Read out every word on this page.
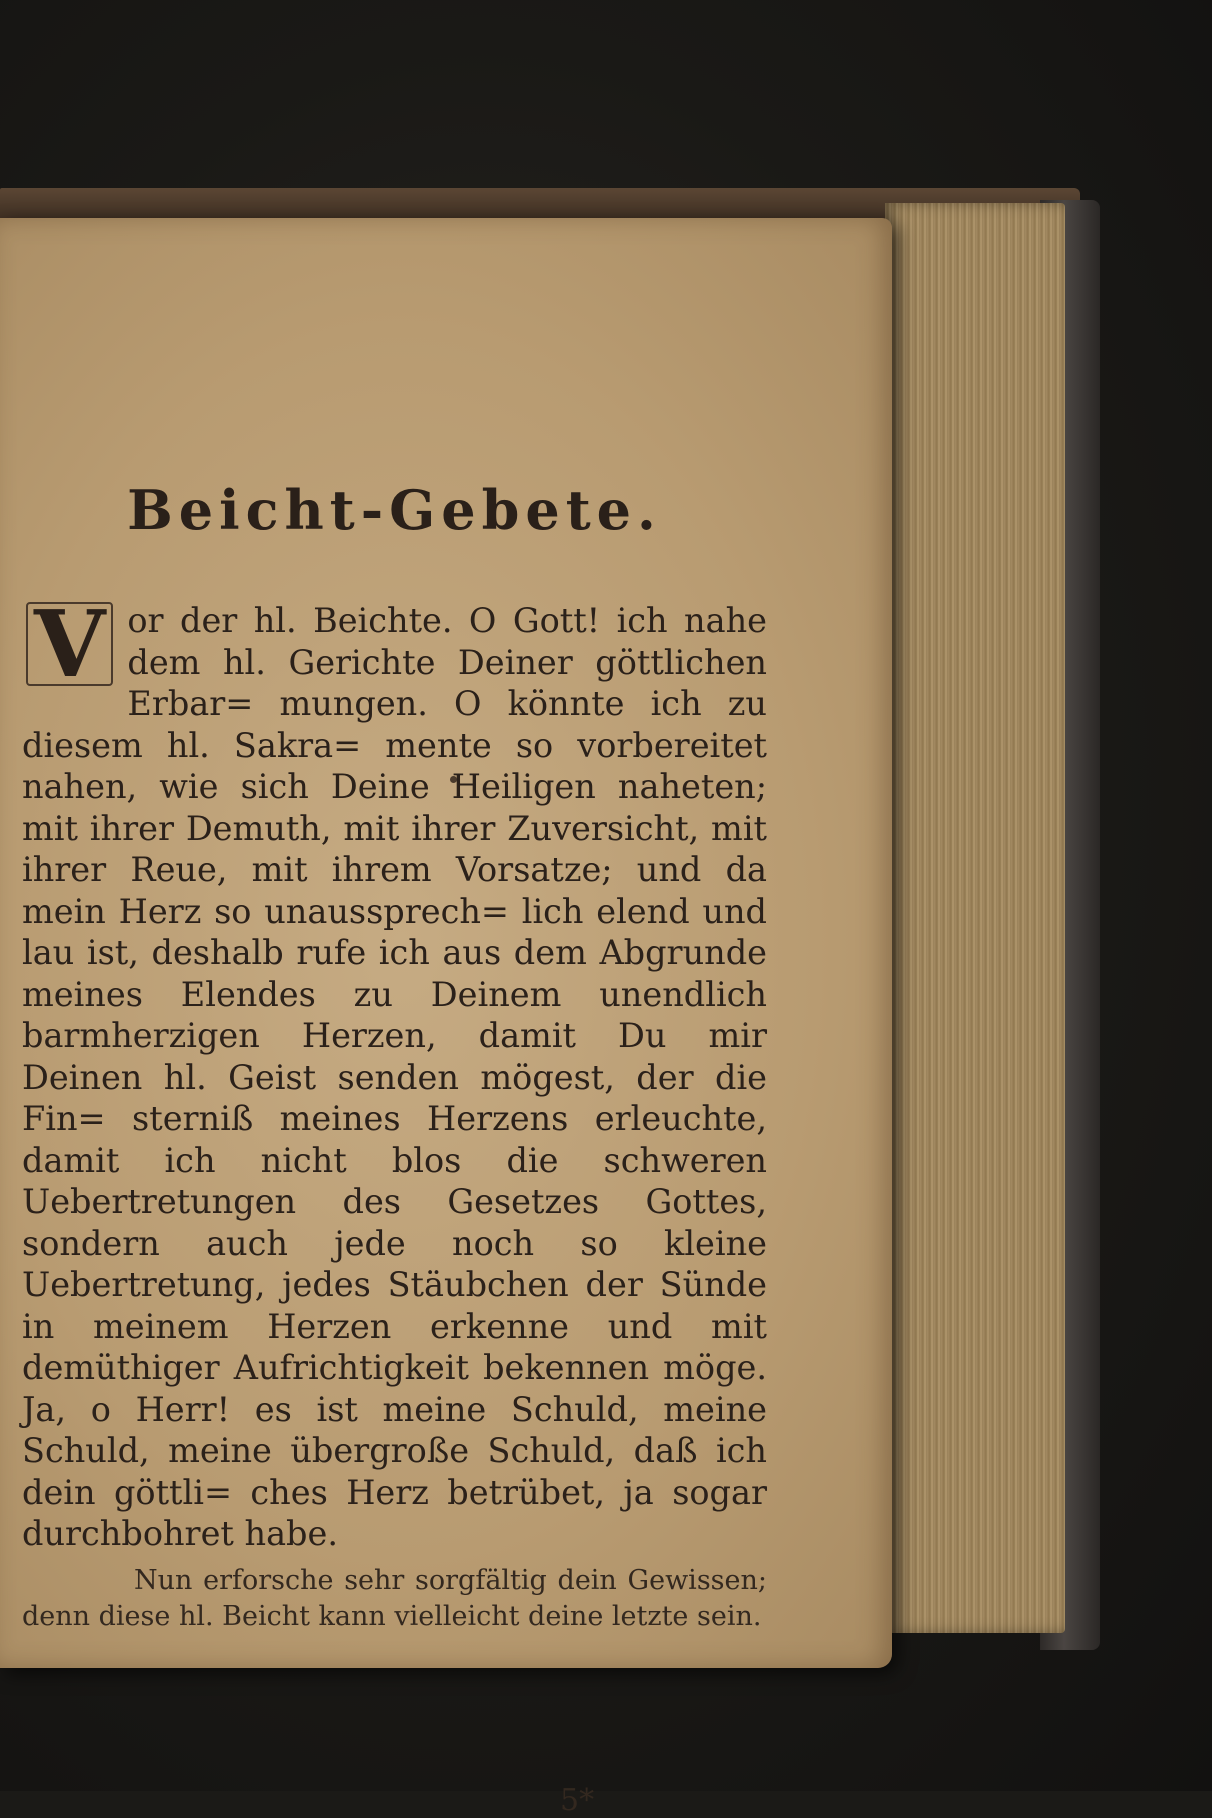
Beicht-Gebete.

V or der hl. Beichte. O Gott! ich nahe dem hl. Gerichte Deiner göttlichen Erbar= mungen. O könnte ich zu diesem hl. Sakra= mente so vorbereitet nahen, wie sich Deine Heiligen naheten; mit ihrer Demuth, mit ihrer Zuversicht, mit ihrer Reue, mit ihrem Vorsatze; und da mein Herz so unaussprech= lich elend und lau ist, deshalb rufe ich aus dem Abgrunde meines Elendes zu Deinem unendlich barmherzigen Herzen, damit Du mir Deinen hl. Geist senden mögest, der die Fin= sterniß meines Herzens erleuchte, damit ich nicht blos die schweren Uebertretungen des Gesetzes Gottes, sondern auch jede noch so kleine Uebertretung, jedes Stäubchen der Sünde in meinem Herzen erkenne und mit demüthiger Aufrichtigkeit bekennen möge. Ja, o Herr! es ist meine Schuld, meine Schuld, meine übergroße Schuld, daß ich dein göttli= ches Herz betrübet, ja sogar durchbohret habe.

Nun erforsche sehr sorgfältig dein Gewissen; denn diese hl. Beicht kann vielleicht deine letzte sein.

5*
